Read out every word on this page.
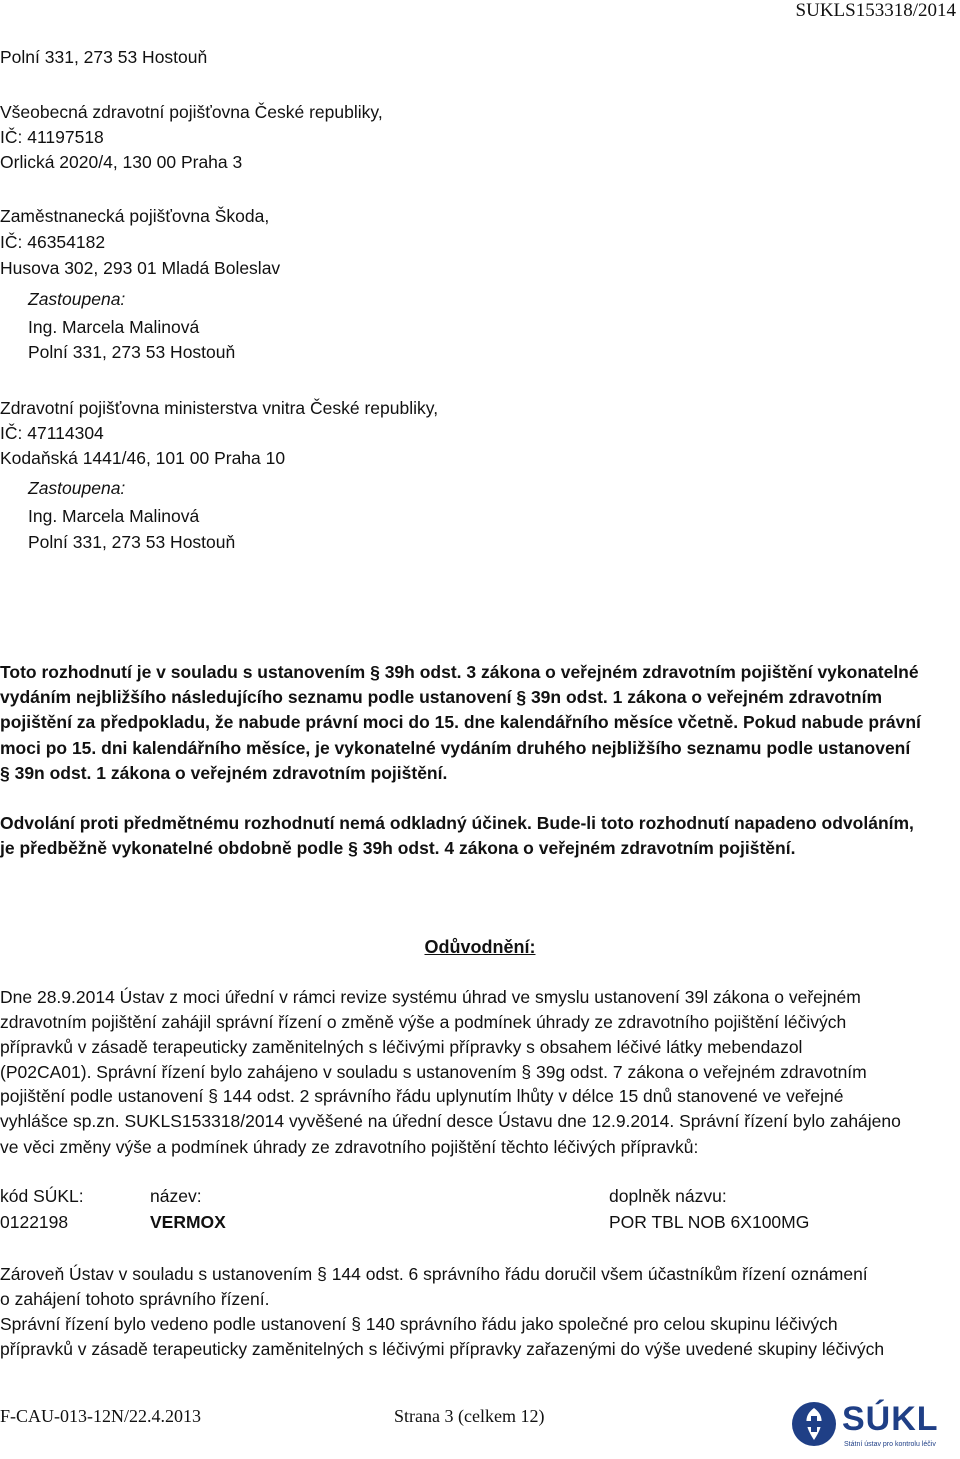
SUKLS153318/2014
Polní 331, 273 53 Hostouň
Všeobecná zdravotní pojišťovna České republiky,
IČ: 41197518
Orlická 2020/4, 130 00 Praha 3
Zaměstnanecká pojišťovna Škoda,
IČ: 46354182
Husova 302, 293 01 Mladá Boleslav
Zastoupena:
Ing. Marcela Malinová
Polní 331, 273 53 Hostouň
Zdravotní pojišťovna ministerstva vnitra České republiky,
IČ: 47114304
Kodaňská 1441/46, 101 00 Praha 10
Zastoupena:
Ing. Marcela Malinová
Polní 331, 273 53 Hostouň
Toto rozhodnutí je v souladu s ustanovením § 39h odst. 3 zákona o veřejném zdravotním pojištění vykonatelné
vydáním nejbližšího následujícího seznamu podle ustanovení § 39n odst. 1 zákona o veřejném zdravotním
pojištění za předpokladu, že nabude právní moci do 15. dne kalendářního měsíce včetně. Pokud nabude právní
moci po 15. dni kalendářního měsíce, je vykonatelné vydáním druhého nejbližšího seznamu podle ustanovení
§ 39n odst. 1 zákona o veřejném zdravotním pojištění.
Odvolání proti předmětnému rozhodnutí nemá odkladný účinek. Bude-li toto rozhodnutí napadeno odvoláním,
je předběžně vykonatelné obdobně podle § 39h odst. 4 zákona o veřejném zdravotním pojištění.
Odůvodnění:
Dne 28.9.2014 Ústav z moci úřední v rámci revize systému úhrad ve smyslu ustanovení 39l zákona o veřejném
zdravotním pojištění zahájil správní řízení o změně výše a podmínek úhrady ze zdravotního pojištění léčivých
přípravků v zásadě terapeuticky zaměnitelných s léčivými přípravky s obsahem léčivé látky mebendazol
(P02CA01). Správní řízení bylo zahájeno v souladu s ustanovením § 39g odst. 7 zákona o veřejném zdravotním
pojištění podle ustanovení § 144 odst. 2 správního řádu uplynutím lhůty v délce 15 dnů stanovené ve veřejné
vyhlášce sp.zn. SUKLS153318/2014 vyvěšené na úřední desce Ústavu dne 12.9.2014. Správní řízení bylo zahájeno
ve věci změny výše a podmínek úhrady ze zdravotního pojištění těchto léčivých přípravků:
kód SÚKL:	název:	doplněk názvu:
0122198	VERMOX	POR TBL NOB 6X100MG
Zároveň Ústav v souladu s ustanovením § 144 odst. 6 správního řádu doručil všem účastníkům řízení oznámení
o zahájení tohoto správního řízení.
Správní řízení bylo vedeno podle ustanovení § 140 správního řádu jako společné pro celou skupinu léčivých
přípravků v zásadě terapeuticky zaměnitelných s léčivými přípravky zařazenými do výše uvedené skupiny léčivých
F-CAU-013-12N/22.4.2013	Strana 3 (celkem 12)	SÚKL
Státní ústav pro kontrolu léčiv
